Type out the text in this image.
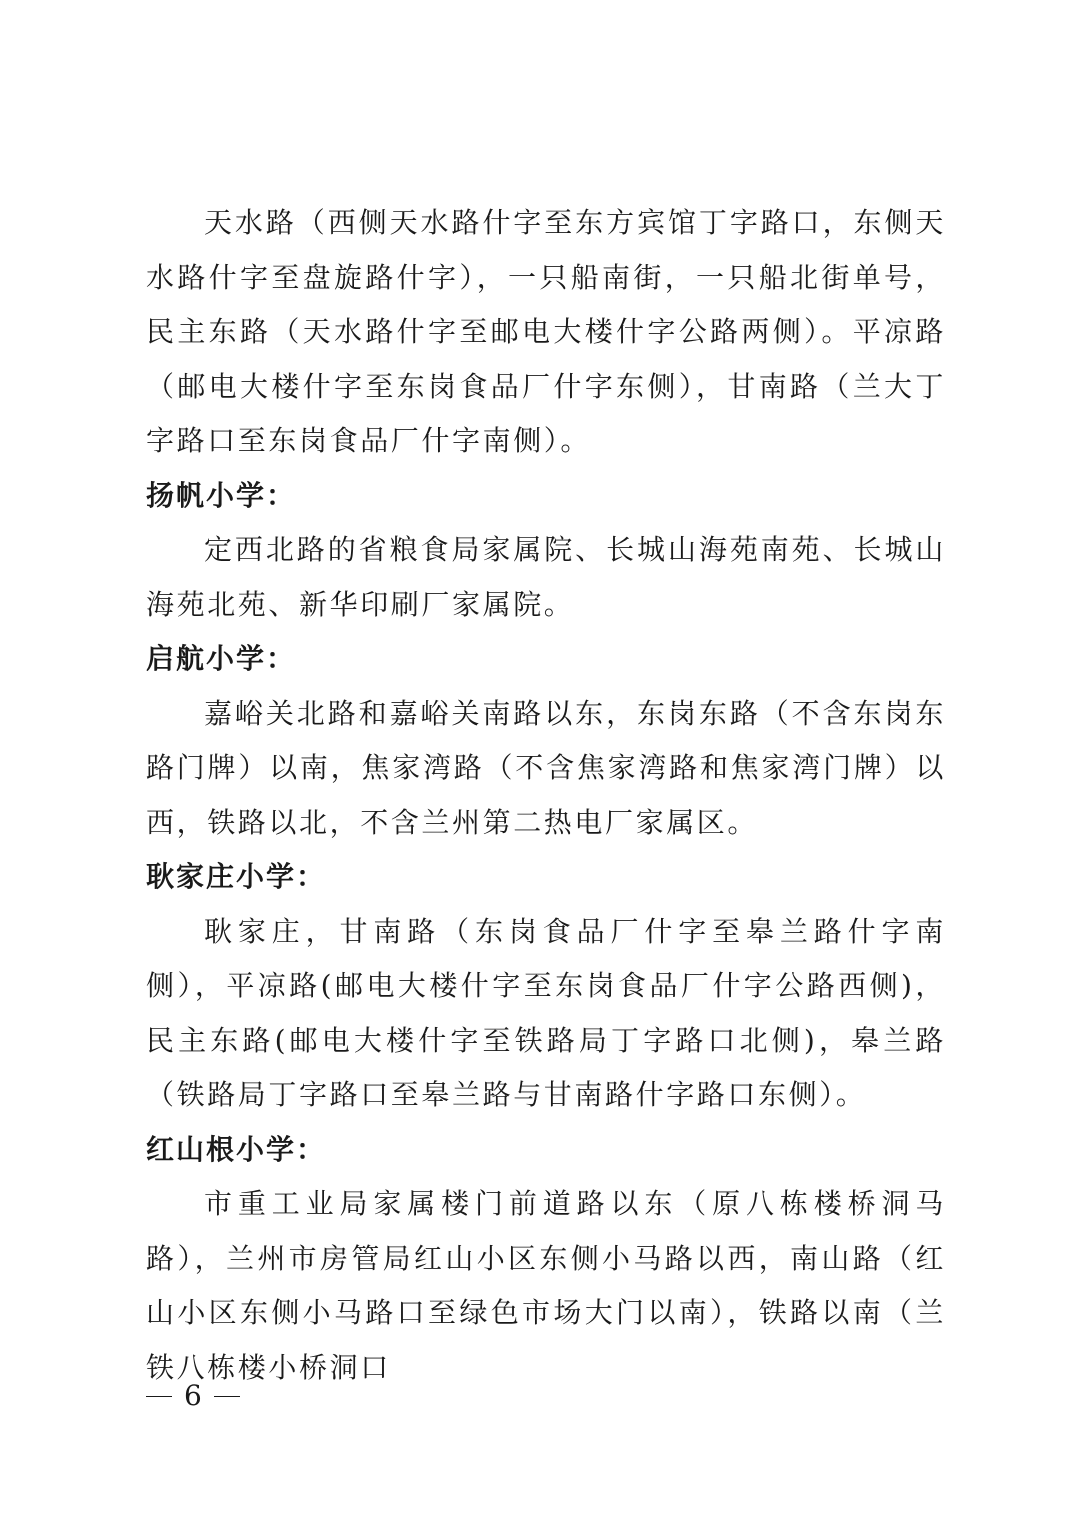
天水路（西侧天水路什字至东方宾馆丁字路口，东侧天水路什字至盘旋路什字），一只船南街，一只船北街单号，民主东路（天水路什字至邮电大楼什字公路两侧）。平凉路（邮电大楼什字至东岗食品厂什字东侧），甘南路（兰大丁字路口至东岗食品厂什字南侧）。

扬帆小学：

定西北路的省粮食局家属院、长城山海苑南苑、长城山海苑北苑、新华印刷厂家属院。

启航小学：

嘉峪关北路和嘉峪关南路以东，东岗东路（不含东岗东路门牌）以南，焦家湾路（不含焦家湾路和焦家湾门牌）以西，铁路以北，不含兰州第二热电厂家属区。

耿家庄小学：

耿家庄，甘南路（东岗食品厂什字至皋兰路什字南侧），平凉路(邮电大楼什字至东岗食品厂什字公路西侧)，民主东路(邮电大楼什字至铁路局丁字路口北侧)，皋兰路（铁路局丁字路口至皋兰路与甘南路什字路口东侧）。

红山根小学：

市重工业局家属楼门前道路以东（原八栋楼桥洞马路），兰州市房管局红山小区东侧小马路以西，南山路（红山小区东侧小马路口至绿色市场大门以南），铁路以南（兰铁八栋楼小桥洞口

6
